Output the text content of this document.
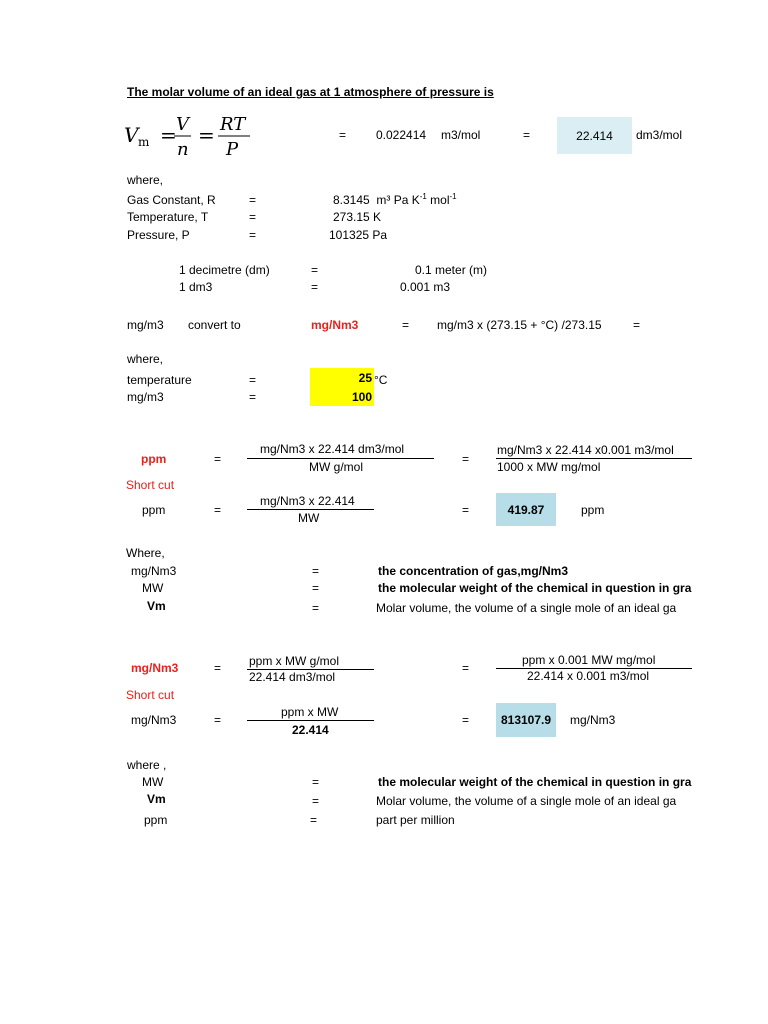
The molar volume of an ideal gas at 1 atmosphere of pressure is
V m = V
n
= RT
P
= 0.022414 m3/mol	=	22.414	dm3/mol
where,
Gas Constant, R	=	8.3145 m³ Pa $K^{-1}$ mol$^{-1}$
Temperature, T	=	273.15 K
Pressure, P	=	101325 Pa
1 decimetre (dm)	=	0.1 meter (m)
1 dm3	=	0.001 m3
mg/m3 convert to	mg/Nm3	= mg/m3 x (273.15 + °C) /273.15	=
where,
temperature	=	25 °C
mg/m3	=	100
ppm	=
mg/Nm3 x 22.414 dm3/mol
MW g/mol
=
mg/Nm3 x 22.414 x0.001 m3/mol
1000 x MW mg/mol
Short cut
ppm	=
mg/Nm3 x 22.414
MW
=	419.87	ppm
Where,
mg/Nm3	=	the concentration of gas,mg/Nm3
MW	=	the molecular weight of the chemical in question in gra
Vm	=	Molar volume, the volume of a single mole of an ideal ga
mg/Nm3	= ppm x MW g/mol
22.414 dm3/mol
=
ppm x 0.001 MW mg/mol
22.414 x 0.001 m3/mol
Short cut
mg/Nm3	=
ppm x MW
22.414
=	813107.9	mg/Nm3
where ,
MW	=	the molecular weight of the chemical in question in gra
Vm	=	Molar volume, the volume of a single mole of an ideal ga
ppm	=	part per million
